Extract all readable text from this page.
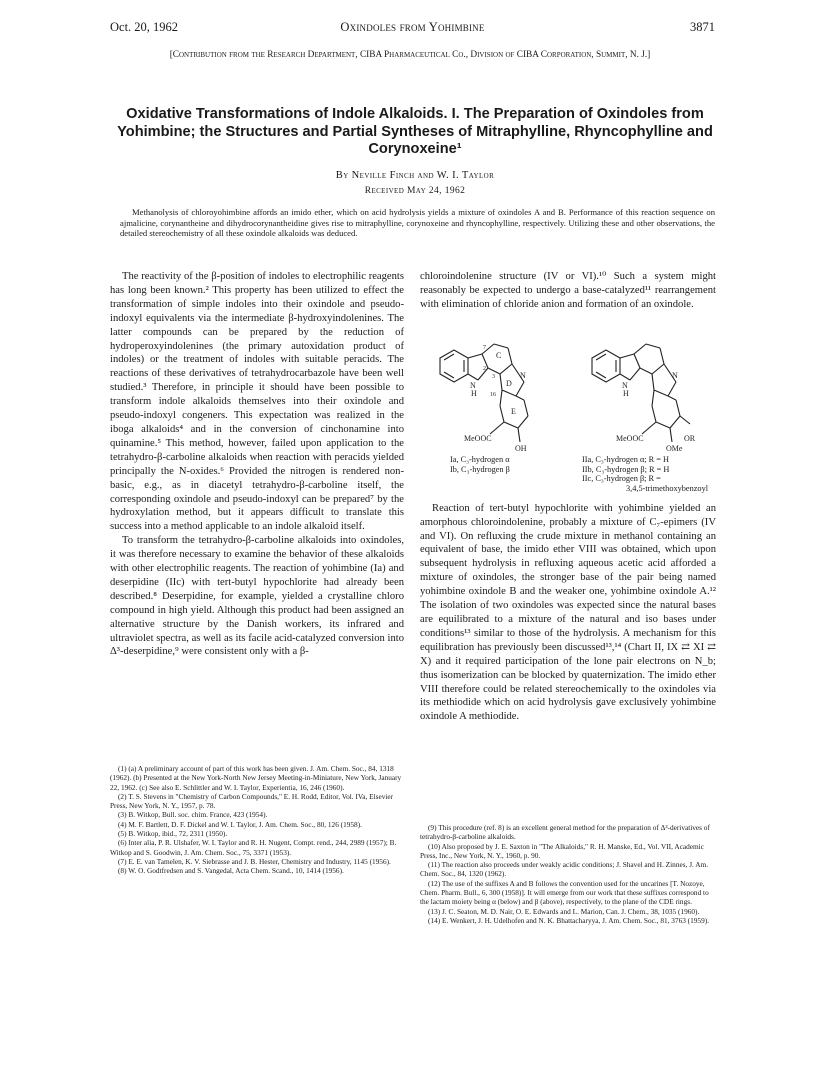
Oct. 20, 1962	Oxindoles from Yohimbine	3871
[Contribution from the Research Department, CIBA Pharmaceutical Co., Division of CIBA Corporation, Summit, N. J.]
Oxidative Transformations of Indole Alkaloids. I. The Preparation of Oxindoles from Yohimbine; the Structures and Partial Syntheses of Mitraphylline, Rhyncophylline and Corynoxeine¹
By Neville Finch and W. I. Taylor
Received May 24, 1962
Methanolysis of chloroyohimbine affords an imido ether, which on acid hydrolysis yields a mixture of oxindoles A and B. Performance of this reaction sequence on ajmalicine, corynantheine and dihydrocorynantheidine gives rise to mitraphylline, corynoxeine and rhyncophylline, respectively. Utilizing these and other observations, the detailed stereochemistry of all these oxindole alkaloids was deduced.

The reactivity of the β-position of indoles to electrophilic reagents has long been known.² This property has been utilized to effect the transformation of simple indoles into their oxindole and pseudo-indoxyl equivalents via the intermediate β-hydroxyindolenines. The latter compounds can be prepared by the reduction of hydroperoxyindolenines (the primary autoxidation product of indoles) or the treatment of indoles with suitable peracids. The reactions of these derivatives of tetrahydrocarbazole have been well studied.³ Therefore, in principle it should have been possible to transform indole alkaloids themselves into their oxindole and pseudo-indoxyl congeners. This expectation was realized in the iboga alkaloids⁴ and in the conversion of cinchonamine into quinamine.⁵ This method, however, failed upon application to the tetrahydro-β-carboline alkaloids when reaction with peracids yielded principally the N-oxides.⁶ Provided the nitrogen is rendered non-basic, e.g., as in diacetyl tetrahydro-β-carboline itself, the corresponding oxindole and pseudo-indoxyl can be prepared⁷ by the hydroxylation method, but it appears difficult to translate this success into a method applicable to an indole alkaloid itself.

To transform the tetrahydro-β-carboline alkaloids into oxindoles, it was therefore necessary to examine the behavior of these alkaloids with other electrophilic reagents. The reaction of yohimbine (Ia) and deserpidine (IIc) with tert-butyl hypochlorite had already been described.⁸ Deserpidine, for example, yielded a crystalline chloro compound in high yield. Although this product had been assigned an alternative structure by the Danish workers, its infrared and ultraviolet spectra, as well as its facile acid-catalyzed conversion into Δ³-deserpidine,⁹ were consistent only with a β-

chloroindolenine structure (IV or VI).¹⁰ Such a system might reasonably be expected to undergo a base-catalyzed¹¹ rearrangement with elimination of chloride anion and formation of an oxindole.

Reaction of tert-butyl hypochlorite with yohimbine yielded an amorphous chloroindolenine, probably a mixture of C₇-epimers (IV and VI). On refluxing the crude mixture in methanol containing an equivalent of base, the imido ether VIII was obtained, which upon subsequent hydrolysis in refluxing aqueous acetic acid afforded a mixture of oxindoles, the stronger base of the pair being named yohimbine oxindole B and the weaker one, yohimbine oxindole A.¹² The isolation of two oxindoles was expected since the natural bases are equilibrated to a mixture of the natural and iso bases under conditions¹³ similar to those of the hydrolysis. A mechanism for this equilibration has previously been discussed¹³,¹⁴ (Chart II, IX ⇄ XI ⇄ X) and it required participation of the lone pair electrons on N_b; thus isomerization can be blocked by quaternization. The imido ether VIII therefore could be related stereochemically to the oxindoles via its methiodide which on acid hydrolysis gave exclusively yohimbine oxindole A methiodide.

C
D
E
7
2
3
16
N
H
N
MeOOC
OH
N
H
N
MeOOC	OR
OMe
Ia, C₃-hydrogen α
Ib, C₃-hydrogen β
IIa, C₃-hydrogen α; R = H
IIb, C₃-hydrogen β; R = H
IIc, C₃-hydrogen β; R =
3,4,5-trimethoxybenzoyl

(1) (a) A preliminary account of part of this work has been given. J. Am. Chem. Soc., 84, 1318 (1962). (b) Presented at the New York-North New Jersey Meeting-in-Miniature, New York, January 22, 1962. (c) See also E. Schlittler and W. I. Taylor, Experientia, 16, 246 (1960).

(2) T. S. Stevens in "Chemistry of Carbon Compounds," E. H. Rodd, Editor, Vol. IVa, Elsevier Press, New York, N. Y., 1957, p. 78.

(3) B. Witkop, Bull. soc. chim. France, 423 (1954).

(4) M. F. Bartlett, D. F. Dickel and W. I. Taylor, J. Am. Chem. Soc., 80, 126 (1958).

(5) B. Witkop, ibid., 72, 2311 (1950).

(6) Inter alia, P. R. Ulshafer, W. I. Taylor and R. H. Nugent, Compt. rend., 244, 2989 (1957); B. Witkop and S. Goodwin, J. Am. Chem. Soc., 75, 3371 (1953).

(7) E. E. van Tamelen, K. V. Siebrasse and J. B. Hester, Chemistry and Industry, 1145 (1956).

(8) W. O. Godtfredsen and S. Vangedal, Acta Chem. Scand., 10, 1414 (1956).

(9) This procedure (ref. 8) is an excellent general method for the preparation of Δ³-derivatives of tetrahydro-β-carboline alkaloids.

(10) Also proposed by J. E. Saxton in "The Alkaloids," R. H. Manske, Ed., Vol. VII, Academic Press, Inc., New York, N. Y., 1960, p. 90.

(11) The reaction also proceeds under weakly acidic conditions; J. Shavel and H. Zinnes, J. Am. Chem. Soc., 84, 1320 (1962).

(12) The use of the suffixes A and B follows the convention used for the uncarines [T. Nozoye, Chem. Pharm. Bull., 6, 300 (1958)]. It will emerge from our work that these suffixes correspond to the lactam moiety being α (below) and β (above), respectively, to the plane of the CDE rings.

(13) J. C. Seaton, M. D. Nair, O. E. Edwards and L. Marion, Can. J. Chem., 38, 1035 (1960).

(14) E. Wenkert, J. H. Udelhofen and N. K. Bhattacharyya, J. Am. Chem. Soc., 81, 3763 (1959).
